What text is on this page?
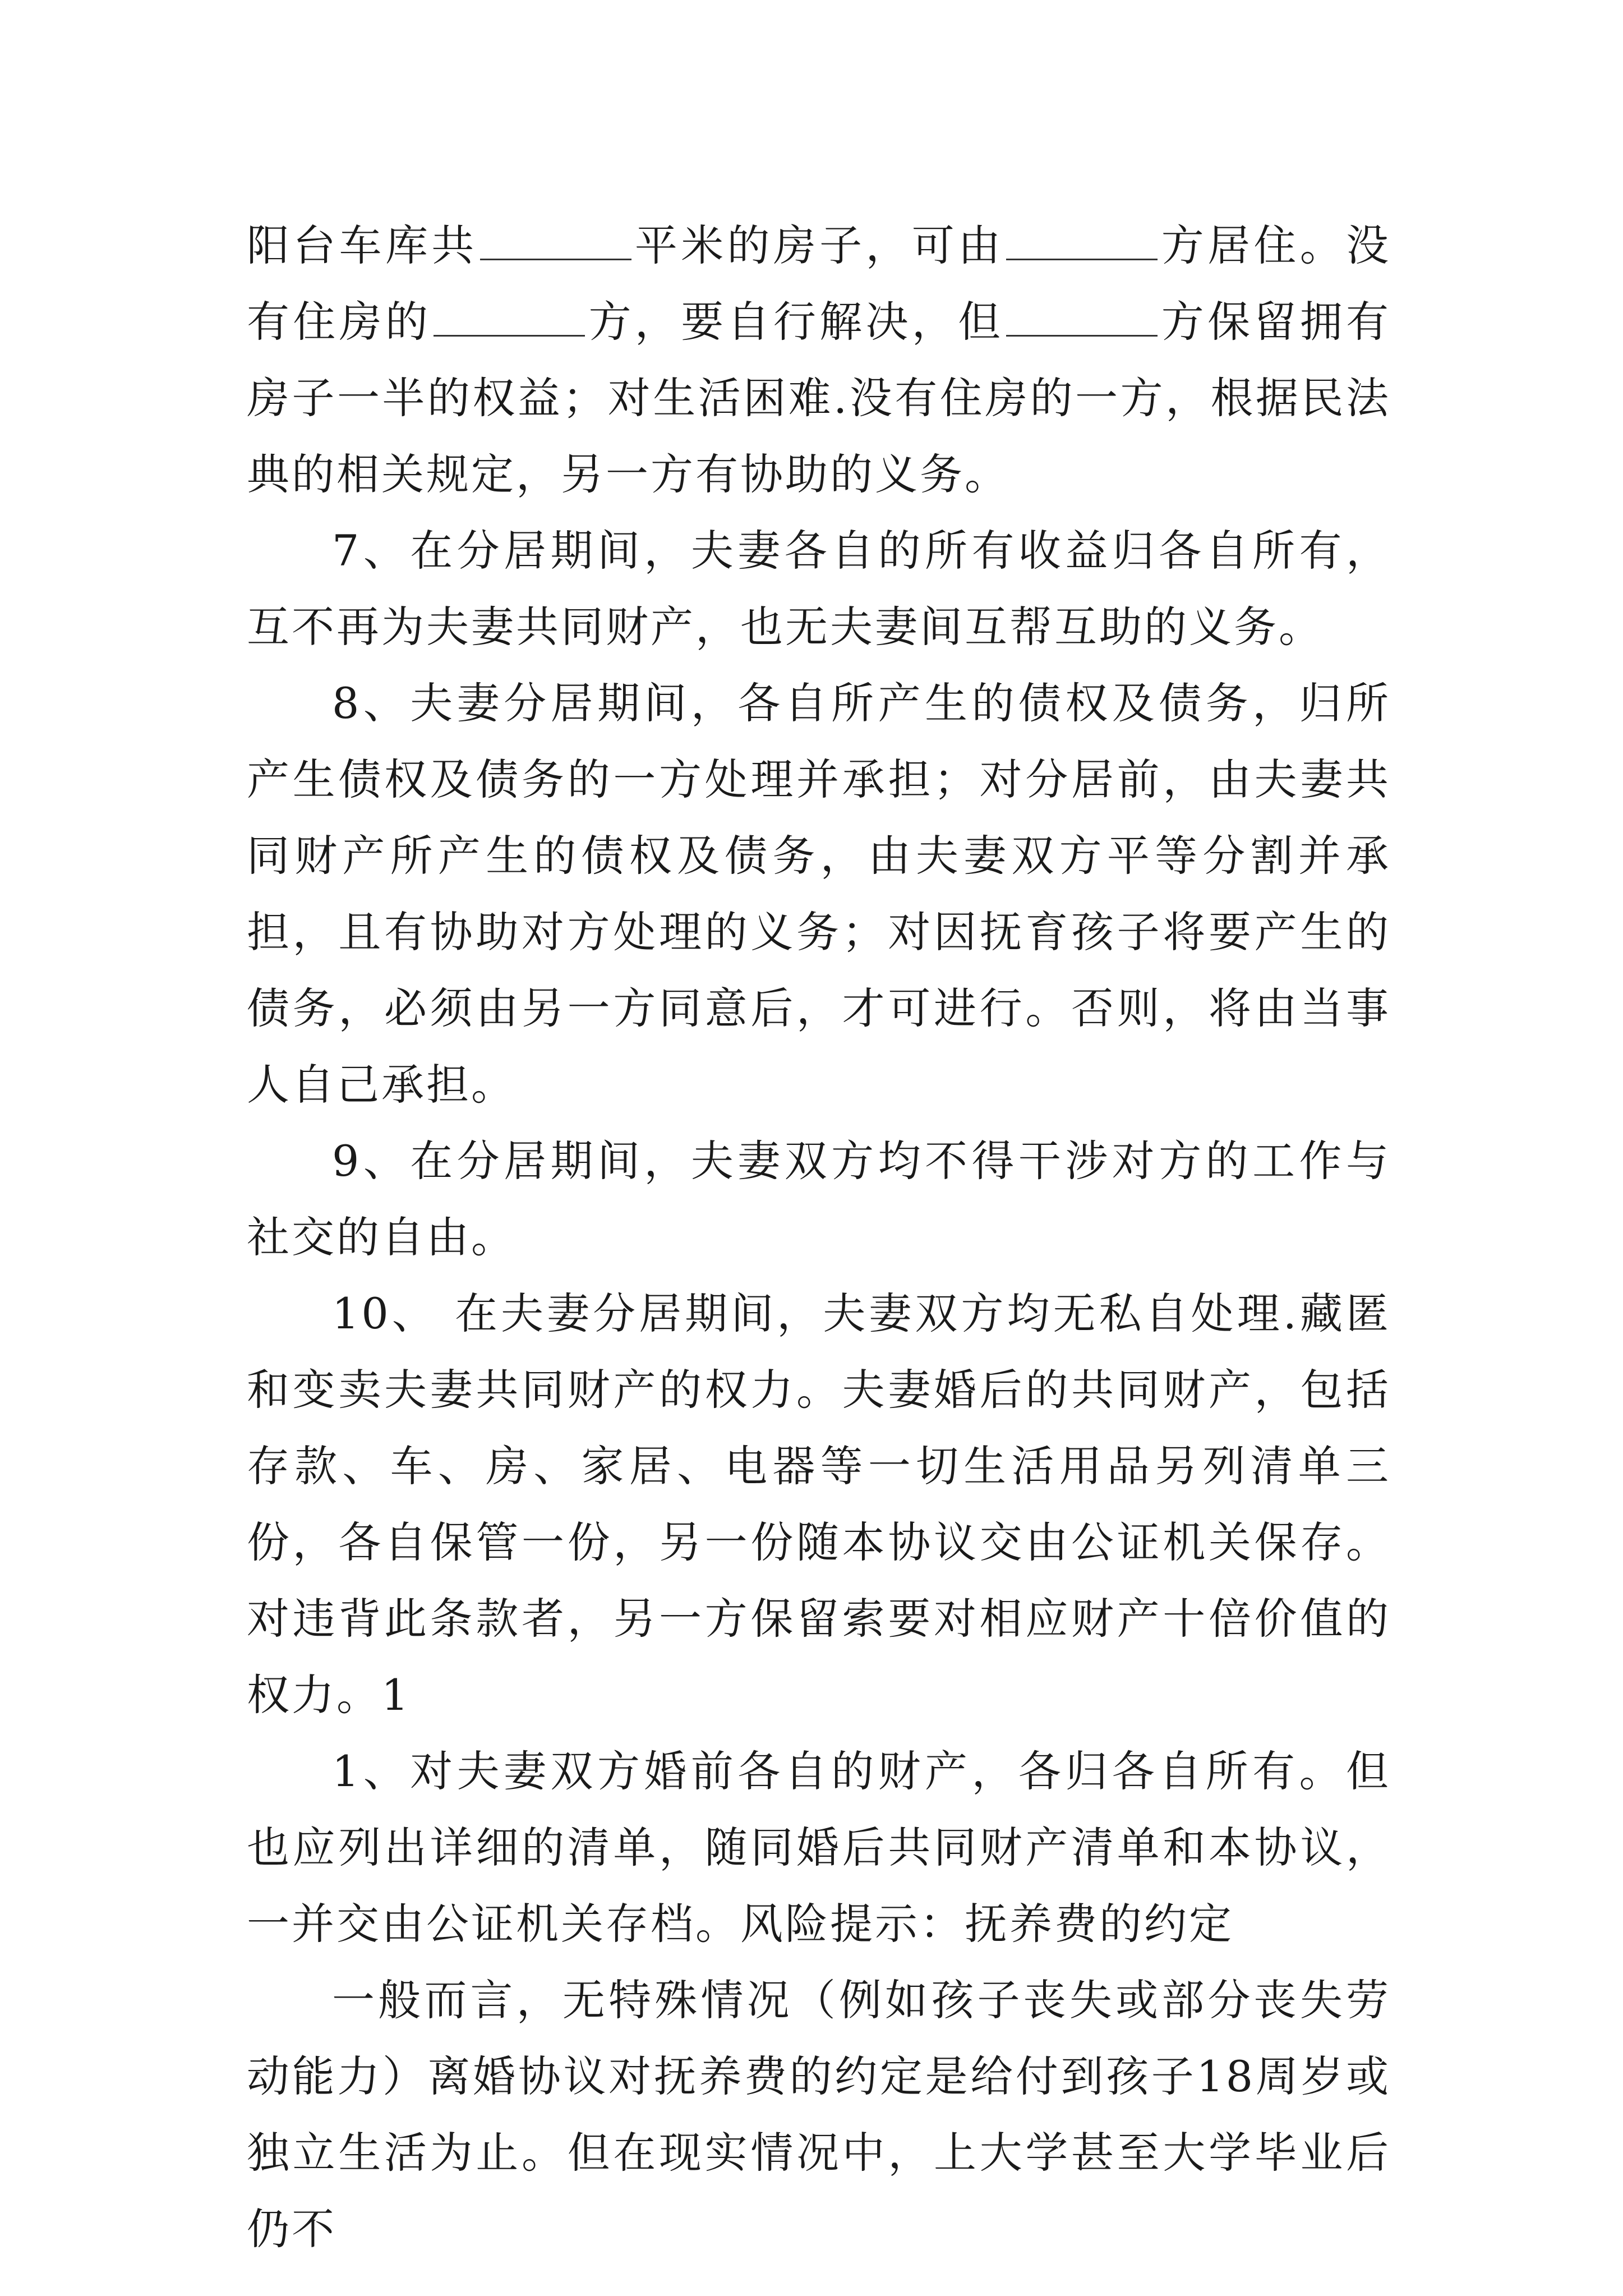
阳台车库共	平米的房子，可由	方居住。没有住房的	方，要自行解决，但	方保留拥有房子一半的权益；对生活困难.没有住房的一方，根据民法典的相关规定，另一方有协助的义务。

7、在分居期间，夫妻各自的所有收益归各自所有，互不再为夫妻共同财产，也无夫妻间互帮互助的义务。

8、夫妻分居期间，各自所产生的债权及债务，归所产生债权及债务的一方处理并承担；对分居前，由夫妻共同财产所产生的债权及债务，由夫妻双方平等分割并承担，且有协助对方处理的义务；对因抚育孩子将要产生的债务，必须由另一方同意后，才可进行。否则，将由当事人自己承担。

9、在分居期间，夫妻双方均不得干涉对方的工作与社交的自由。

10、 在夫妻分居期间，夫妻双方均无私自处理.藏匿和变卖夫妻共同财产的权力。夫妻婚后的共同财产，包括存款、车、房、家居、电器等一切生活用品另列清单三份，各自保管一份，另一份随本协议交由公证机关保存。对违背此条款者，另一方保留索要对相应财产十倍价值的权力。1

1、对夫妻双方婚前各自的财产，各归各自所有。但也应列出详细的清单，随同婚后共同财产清单和本协议，一并交由公证机关存档。风险提示：抚养费的约定

一般而言，无特殊情况（例如孩子丧失或部分丧失劳动能力）离婚协议对抚养费的约定是给付到孩子18周岁或独立生活为止。但在现实情况中，上大学甚至大学毕业后仍不
